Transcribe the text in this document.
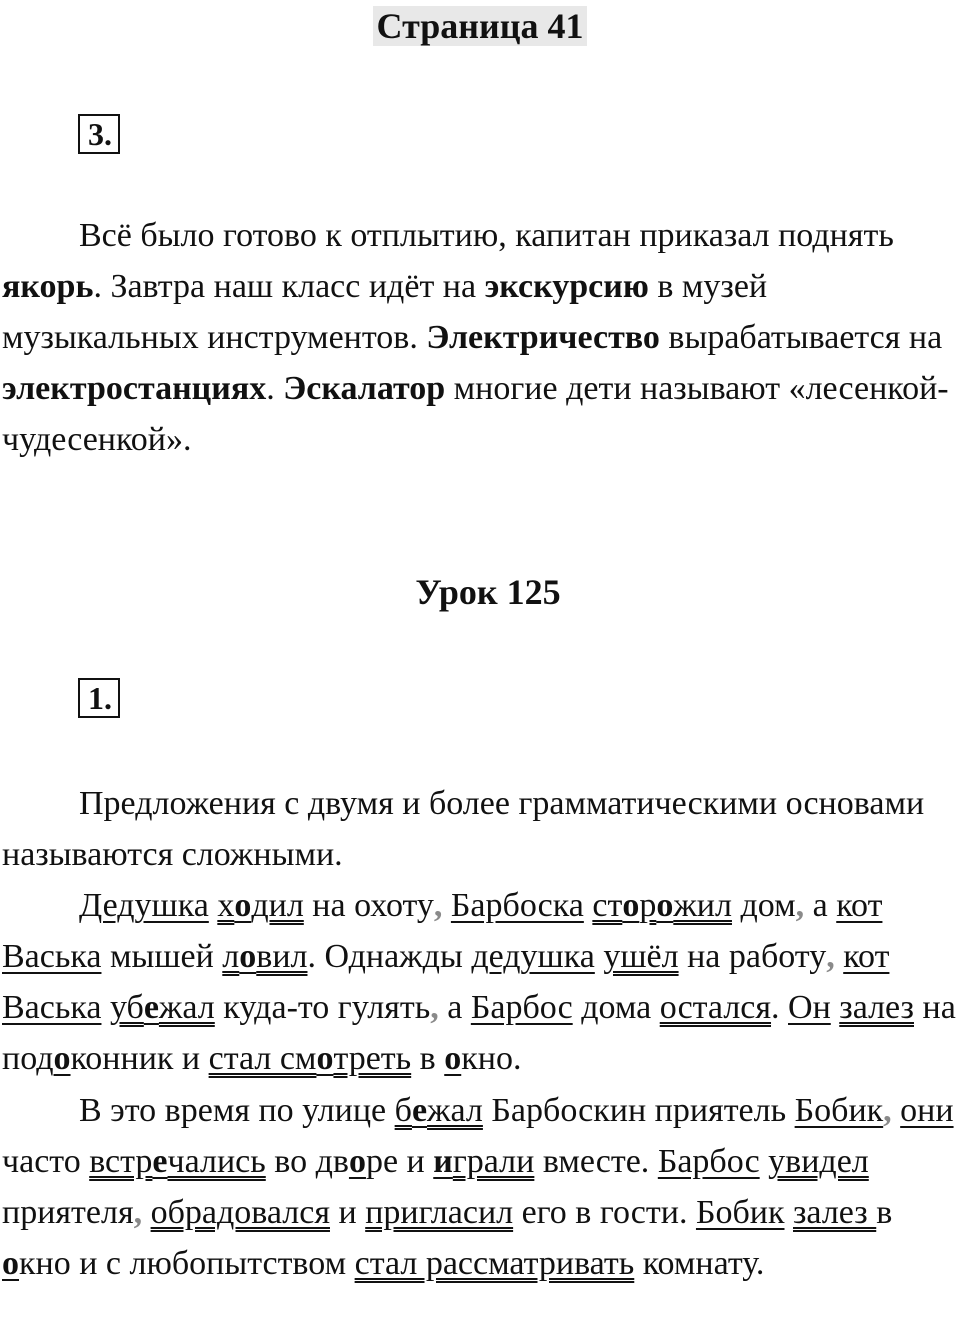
Страница 41
3.

Всё было готово к отплытию, капитан приказал поднять якорь. Завтра наш класс идёт на экскурсию в музей музыкальных инструментов. Электричество вырабатывается на электростанциях. Эскалатор многие дети называют «лесенкой-чудесенкой».

Урок 125
1.

Предложения с двумя и более грамматическими основами называются сложными.

Дедушка ходил на охоту, Барбоска сторожил дом, а кот Васька мышей ловил. Однажды дедушка ушёл на работу, кот Васька убежал куда-то гулять, а Барбос дома остался. Он залез на подоконник и стал смотреть в окно.

В это время по улице бежал Барбоскин приятель Бобик, они часто встречались во дворе и играли вместе. Барбос увидел приятеля, обрадовался и пригласил его в гости. Бобик залез в окно и с любопытством стал рассматривать комнату.
